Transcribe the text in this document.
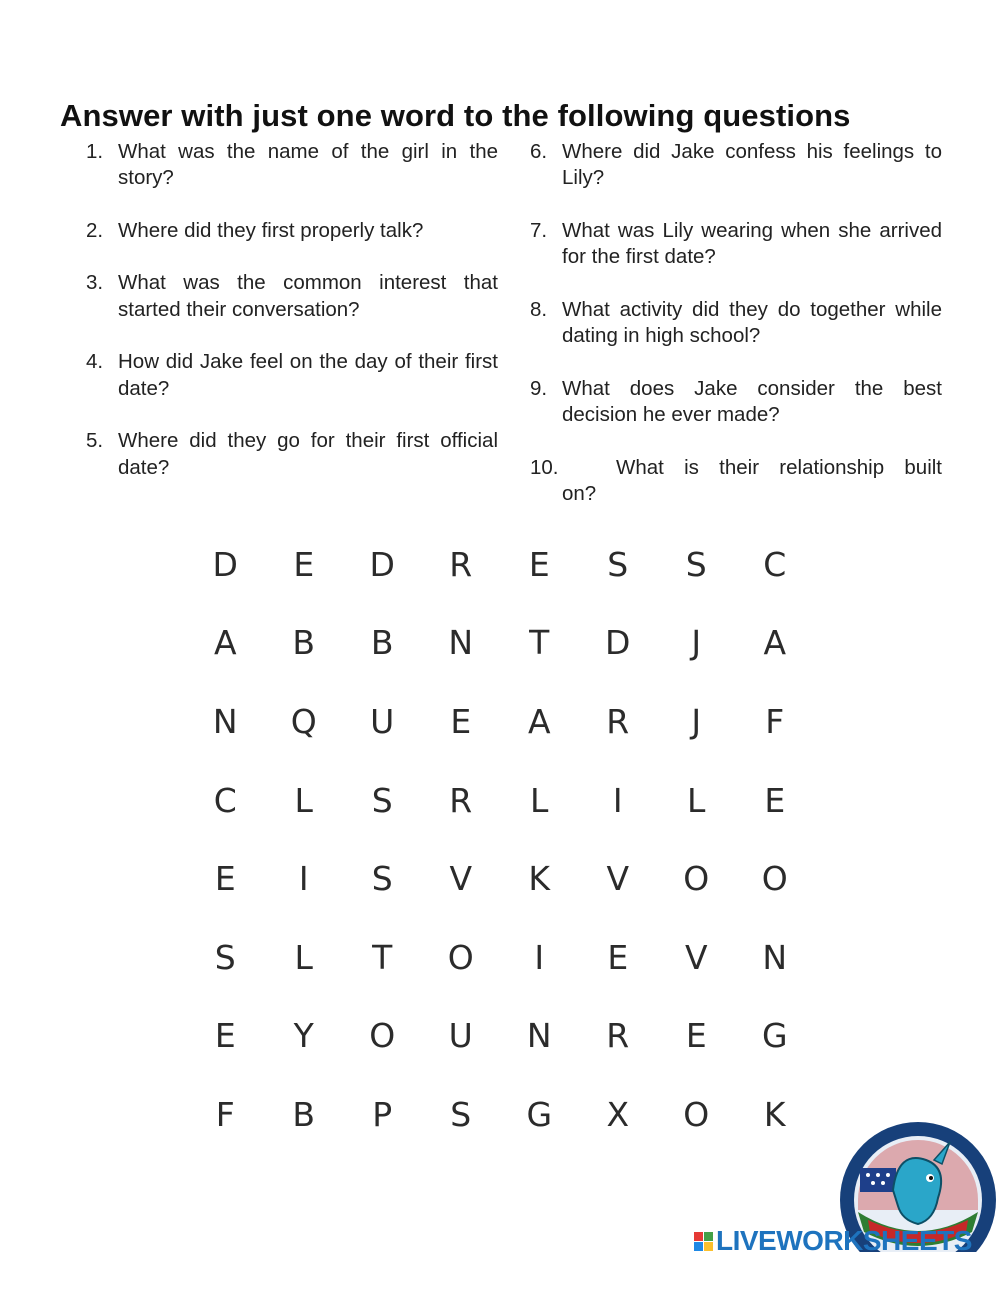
Answer with just one word to the following questions
1. What was the name of the girl in the story?
2. Where did they first properly talk?
3. What was the common interest that started their conversation?
4. How did Jake feel on the day of their first date?
5. Where did they go for their first official date?
6. Where did Jake confess his feelings to Lily?
7. What was Lily wearing when she arrived for the first date?
8. What activity did they do together while dating in high school?
9. What does Jake consider the best decision he ever made?
10.	What is their relationship built
on?
D	E	D	R	E	S	S	C
A	B	B	N	T	D	J	A
N	Q	U	E	A	R	J	F
C	L	S	R	L	I	L	E
E	I	S	V	K	V	O	O
S	L	T	O	I	E	V	N
E	Y	O	U	N	R	E	G
F	B	P	S	G	X	O	K
LIVEWORKSHEETS
